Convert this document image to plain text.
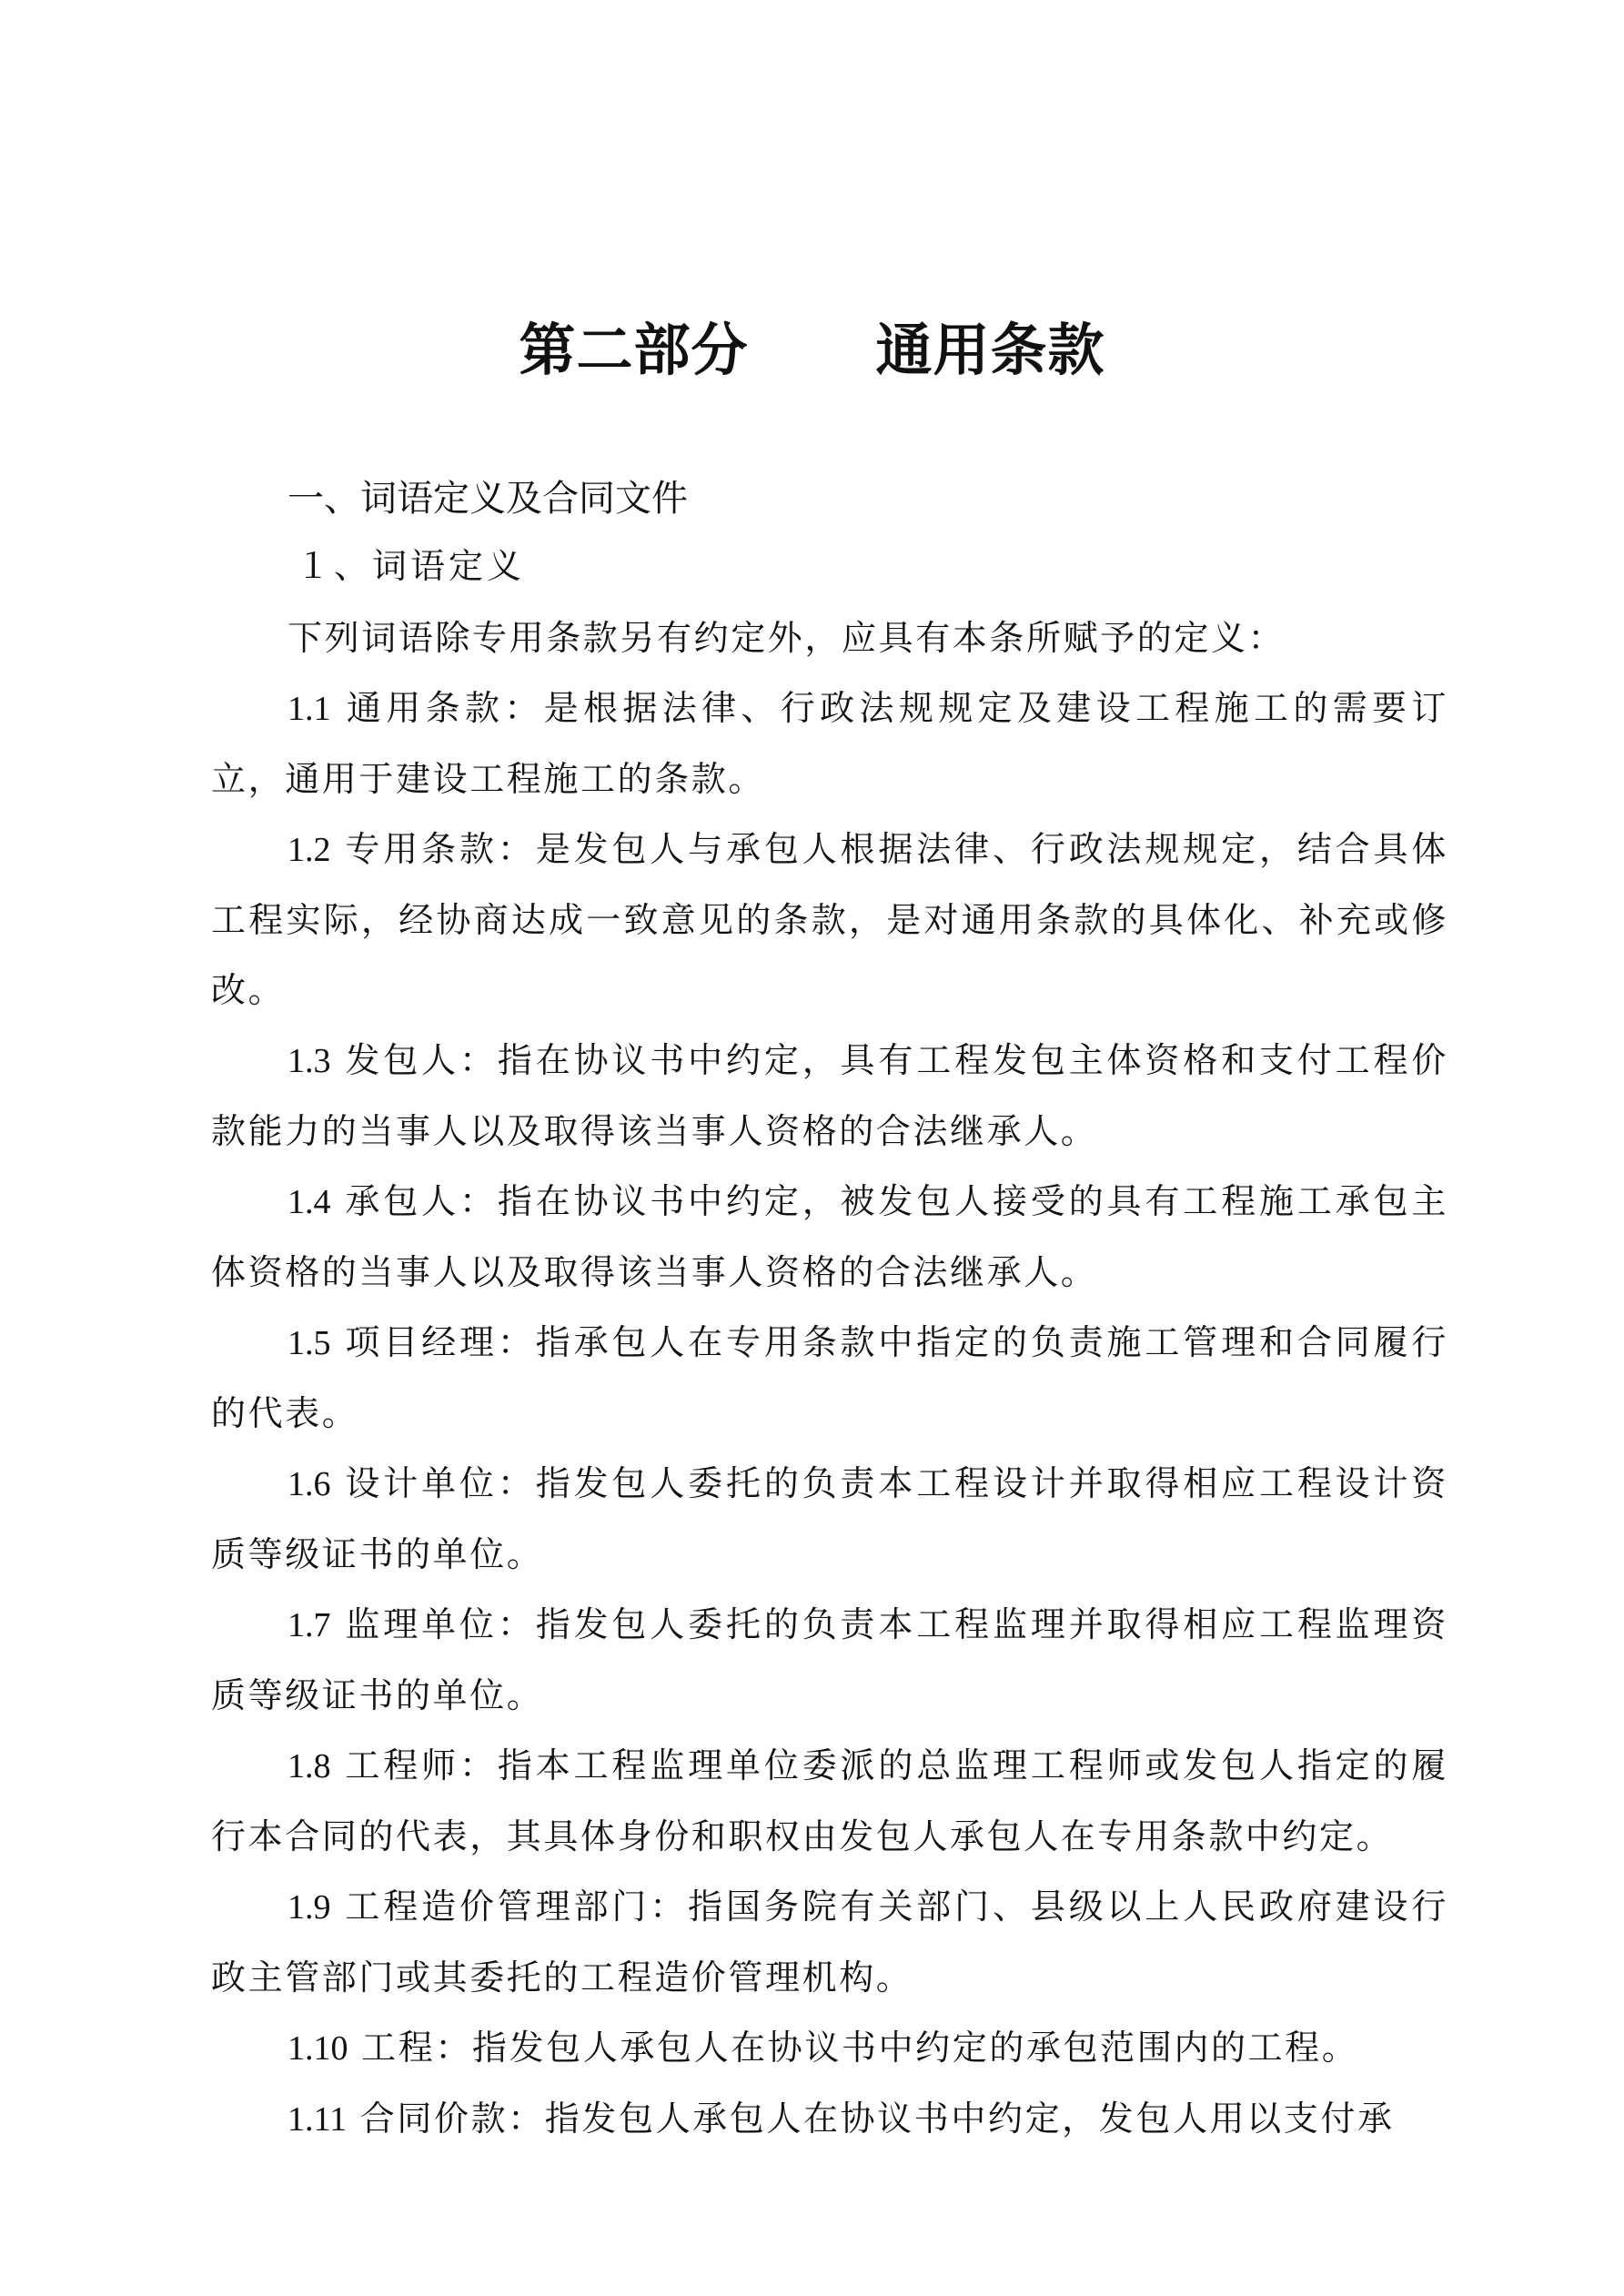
第二部分 通用条款
一、词语定义及合同文件
１、词语定义

下列词语除专用条款另有约定外，应具有本条所赋予的定义：

1.1 通用条款：是根据法律、行政法规规定及建设工程施工的需要订立，通用于建设工程施工的条款。

1.2 专用条款：是发包人与承包人根据法律、行政法规规定，结合具体工程实际，经协商达成一致意见的条款，是对通用条款的具体化、补充或修改。

1.3 发包人：指在协议书中约定，具有工程发包主体资格和支付工程价款能力的当事人以及取得该当事人资格的合法继承人。

1.4 承包人：指在协议书中约定，被发包人接受的具有工程施工承包主体资格的当事人以及取得该当事人资格的合法继承人。

1.5 项目经理：指承包人在专用条款中指定的负责施工管理和合同履行的代表。

1.6 设计单位：指发包人委托的负责本工程设计并取得相应工程设计资质等级证书的单位。

1.7 监理单位：指发包人委托的负责本工程监理并取得相应工程监理资质等级证书的单位。

1.8 工程师：指本工程监理单位委派的总监理工程师或发包人指定的履行本合同的代表，其具体身份和职权由发包人承包人在专用条款中约定。

1.9 工程造价管理部门：指国务院有关部门、县级以上人民政府建设行政主管部门或其委托的工程造价管理机构。

1.10 工程：指发包人承包人在协议书中约定的承包范围内的工程。

1.11 合同价款：指发包人承包人在协议书中约定，发包人用以支付承
